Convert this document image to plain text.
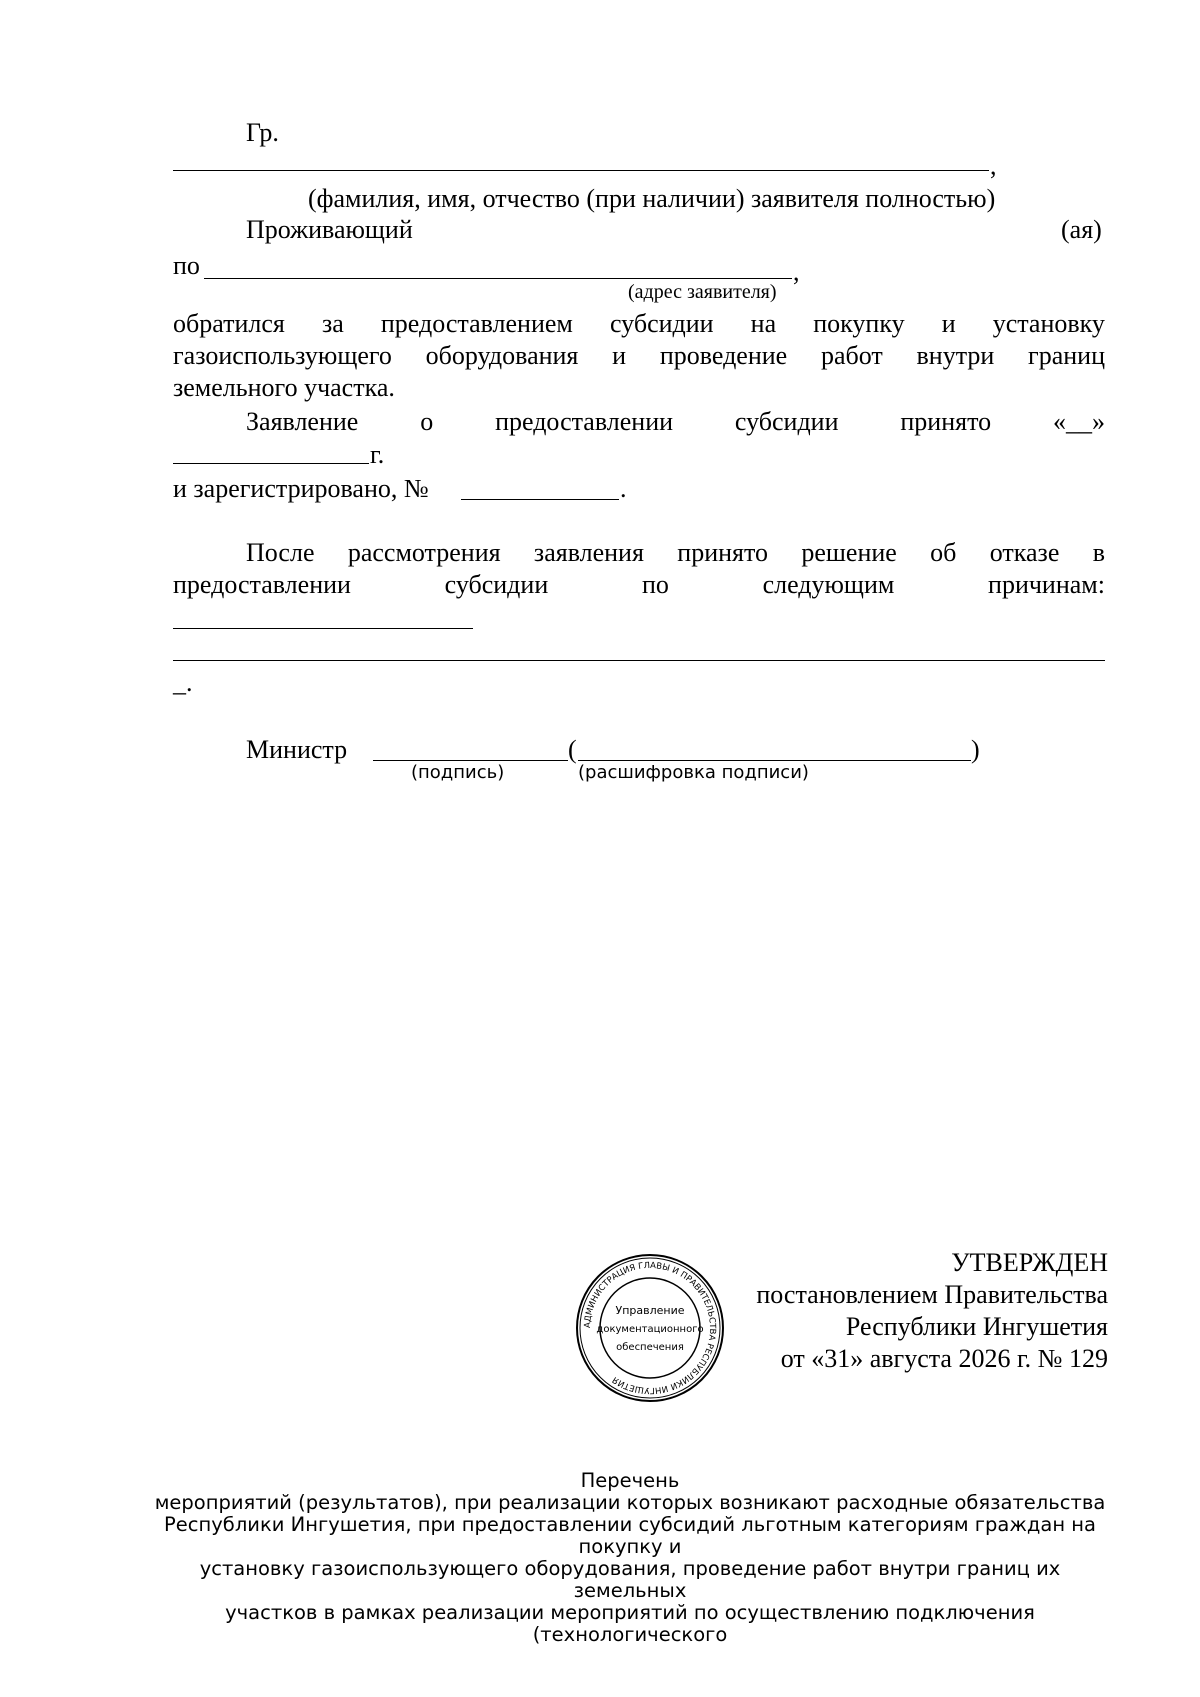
Гр.
,
(фамилия, имя, отчество (при наличии) заявителя полностью)
Проживающий	(ая)
по	,
(адрес заявителя)
обратился за предоставлением субсидии на покупку и установку
газоиспользующего оборудования и проведение работ внутри границ
земельного участка.
Заявление о предоставлении субсидии принято «__»
г.
и зарегистрировано, №	.
После рассмотрения заявления принято решение об отказе в
предоставлении	субсидии	по	следующим	причинам:
_.
Министр	(	)
(подпись)	(расшифровка подписи)
УТВЕРЖДЕН
постановлением Правительства
Республики Ингушетия
от «31» августа 2026 г. № 129
АДМИНИСТРАЦИЯ ГЛАВЫ И ПРАВИТЕЛЬСТВА РЕСПУБЛИКИ ИНГУШЕТИЯ
Управление
документационного
обеспечения
Перечень
мероприятий (результатов), при реализации которых возникают расходные обязательства
Республики Ингушетия, при предоставлении субсидий льготным категориям граждан на покупку и
установку газоиспользующего оборудования, проведение работ внутри границ их земельных
участков в рамках реализации мероприятий по осуществлению подключения (технологического
